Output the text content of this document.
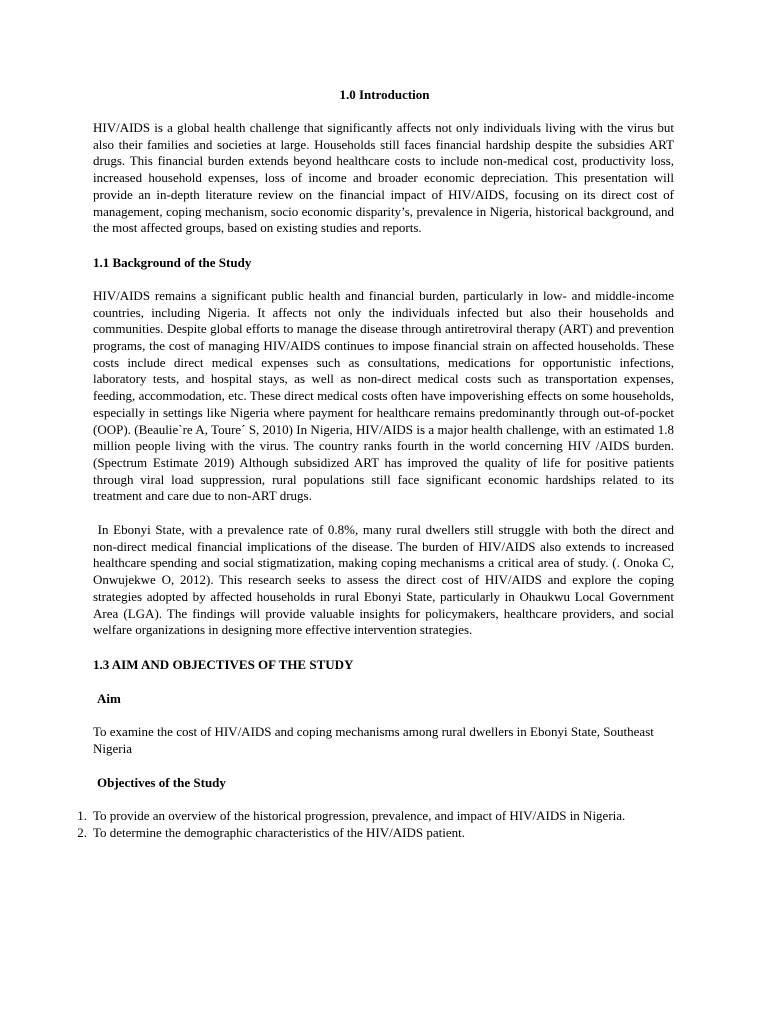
1.0 Introduction

HIV/AIDS is a global health challenge that significantly affects not only individuals living with the virus but also their families and societies at large. Households still faces financial hardship despite the subsidies ART drugs. This financial burden extends beyond healthcare costs to include non-medical cost, productivity loss, increased household expenses, loss of income and broader economic depreciation. This presentation will provide an in-depth literature review on the financial impact of HIV/AIDS, focusing on its direct cost of management, coping mechanism, socio economic disparity’s, prevalence in Nigeria, historical background, and the most affected groups, based on existing studies and reports.

1.1 Background of the Study

HIV/AIDS remains a significant public health and financial burden, particularly in low- and middle-income countries, including Nigeria. It affects not only the individuals infected but also their households and communities. Despite global efforts to manage the disease through antiretroviral therapy (ART) and prevention programs, the cost of managing HIV/AIDS continues to impose financial strain on affected households. These costs include direct medical expenses such as consultations, medications for opportunistic infections, laboratory tests, and hospital stays, as well as non-direct medical costs such as transportation expenses, feeding, accommodation, etc. These direct medical costs often have impoverishing effects on some households, especially in settings like Nigeria where payment for healthcare remains predominantly through out-of-pocket (OOP). (Beaulie`re A, Toure´ S, 2010) In Nigeria, HIV/AIDS is a major health challenge, with an estimated 1.8 million people living with the virus. The country ranks fourth in the world concerning HIV /AIDS burden.(Spectrum Estimate 2019) Although subsidized ART has improved the quality of life for positive patients through viral load suppression, rural populations still face significant economic hardships related to its treatment and care due to non-ART drugs.

In Ebonyi State, with a prevalence rate of 0.8%, many rural dwellers still struggle with both the direct and non-direct medical financial implications of the disease. The burden of HIV/AIDS also extends to increased healthcare spending and social stigmatization, making coping mechanisms a critical area of study. (. Onoka C, Onwujekwe O, 2012). This research seeks to assess the direct cost of HIV/AIDS and explore the coping strategies adopted by affected households in rural Ebonyi State, particularly in Ohaukwu Local Government Area (LGA). The findings will provide valuable insights for policymakers, healthcare providers, and social welfare organizations in designing more effective intervention strategies.

1.3 AIM AND OBJECTIVES OF THE STUDY
Aim

To examine the cost of HIV/AIDS and coping mechanisms among rural dwellers in Ebonyi State, Southeast Nigeria

Objectives of the Study
1. To provide an overview of the historical progression, prevalence, and impact of HIV/AIDS in Nigeria.
2. To determine the demographic characteristics of the HIV/AIDS patient.
